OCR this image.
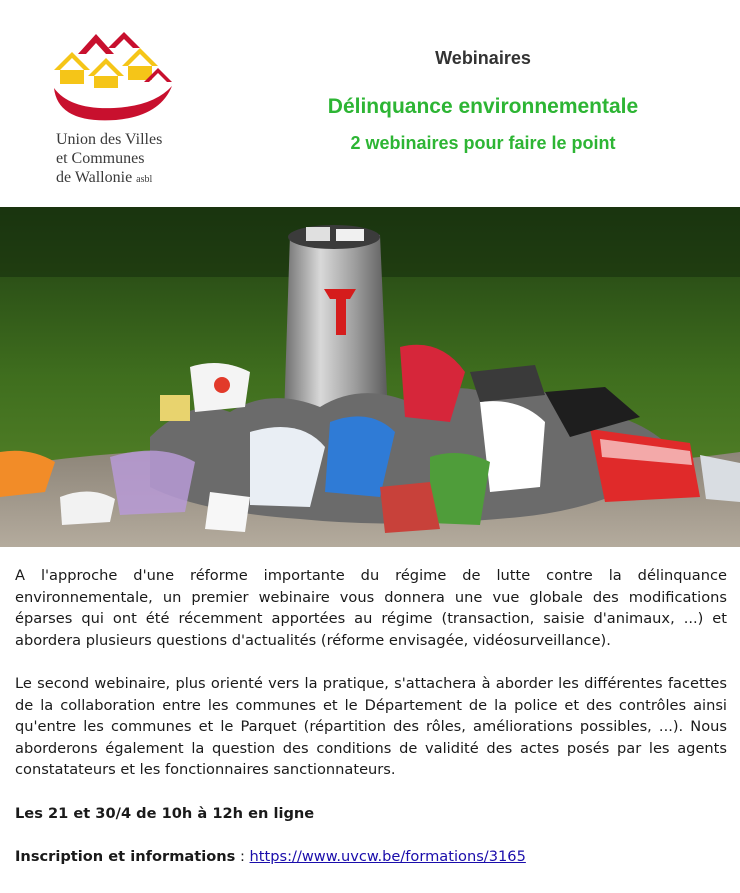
Union des Villes
et Communes
de Wallonie asbl
Webinaires
Délinquance environnementale
2 webinaires pour faire le point

A l'approche d'une réforme importante du régime de lutte contre la délinquance environnementale, un premier webinaire vous donnera une vue globale des modifications éparses qui ont été récemment apportées au régime (transaction, saisie d'animaux, ...) et abordera plusieurs questions d'actualités (réforme envisagée, vidéosurveillance).

Le second webinaire, plus orienté vers la pratique, s'attachera à aborder les différentes facettes de la collaboration entre les communes et le Département de la police et des contrôles ainsi qu'entre les communes et le Parquet (répartition des rôles, améliorations possibles, ...). Nous aborderons également la question des conditions de validité des actes posés par les agents constatateurs et les fonctionnaires sanctionnateurs.

Les 21 et 30/4 de 10h à 12h en ligne

Inscription et informations : https://www.uvcw.be/formations/3165
